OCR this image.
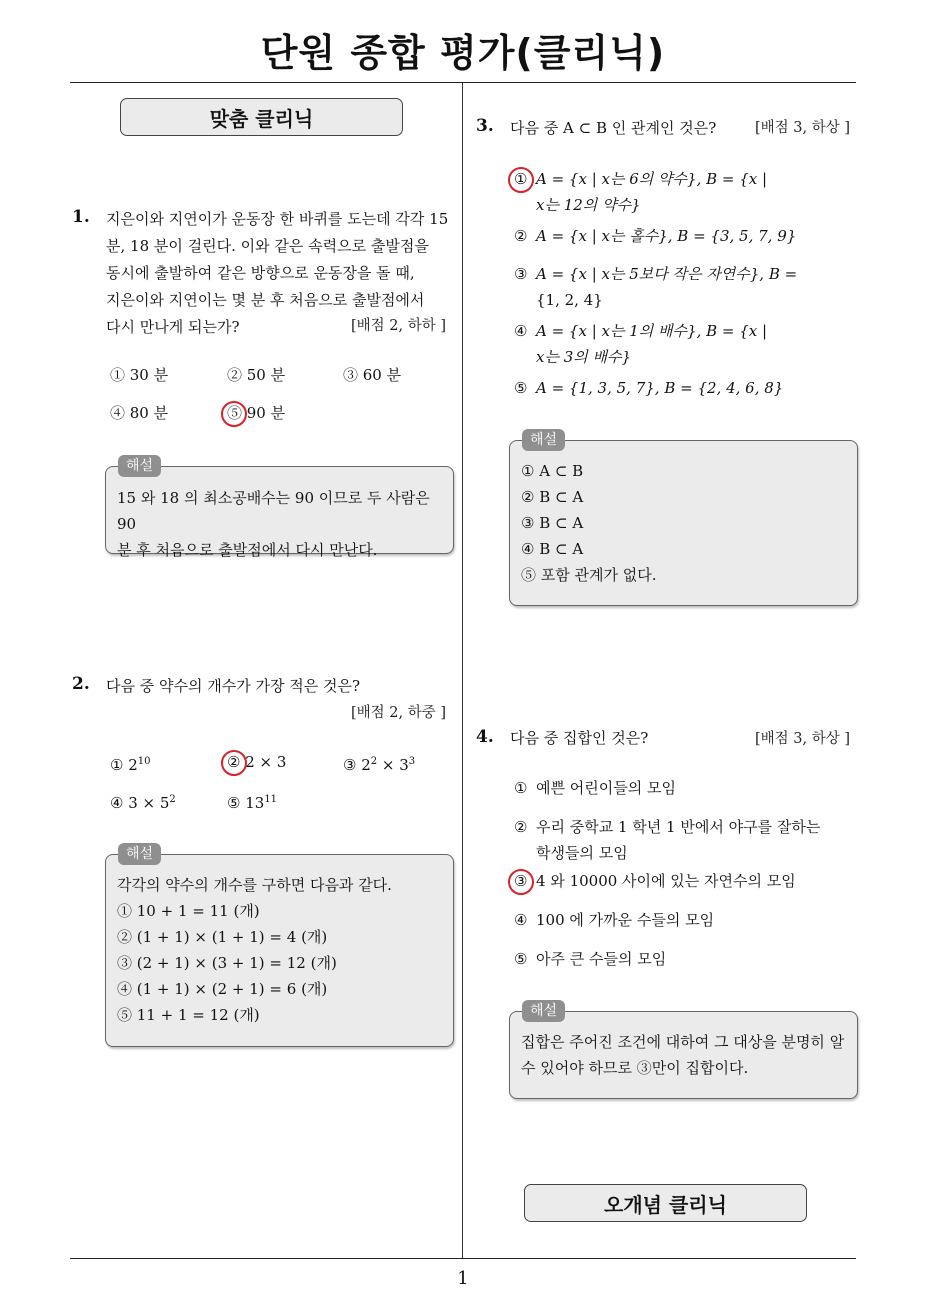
단원 종합 평가(클리닉)
맞춤 클리닉
1. 지은이와 지연이가 운동장 한 바퀴를 도는데 각각 15
분, 18 분이 걸린다. 이와 같은 속력으로 출발점을
동시에 출발하여 같은 방향으로 운동장을 돌 때,
지은이와 지연이는 몇 분 후 처음으로 출발점에서
다시 만나게 되는가?	[배점 2, 하하 ]
① 30 분	② 50 분	③ 60 분
④ 80 분	⑤ 90 분
해설
15 와 18 의 최소공배수는 90 이므로 두 사람은 90
분 후 처음으로 출발점에서 다시 만난다.
2. 다음 중 약수의 개수가 가장 적은 것은?
[배점 2, 하중 ]
① $2^{10}$	② 2 × 3	③ $2^2 \times 3^3$
④ $3 \times 5^2$	⑤ $13^{11}$
해설
각각의 약수의 개수를 구하면 다음과 같다.
① 10 + 1 = 11 (개)
② (1 + 1) × (1 + 1) = 4 (개)
③ (2 + 1) × (3 + 1) = 12 (개)
④ (1 + 1) × (2 + 1) = 6 (개)
⑤ 11 + 1 = 12 (개)
3. 다음 중 A ⊂ B 인 관계인 것은?	[배점 3, 하상 ]
① A = {x | x는 6의 약수}, B = {x |
x는 12의 약수}
② A = {x | x는 홀수}, B = {3, 5, 7, 9}
③ A = {x | x는 5보다 작은 자연수}, B =
{1, 2, 4}
④ A = {x | x는 1의 배수}, B = {x |
x는 3의 배수}
⑤ A = {1, 3, 5, 7}, B = {2, 4, 6, 8}
해설
① A ⊂ B
② B ⊂ A
③ B ⊂ A
④ B ⊂ A
⑤ 포함 관계가 없다.
4. 다음 중 집합인 것은?	[배점 3, 하상 ]
① 예쁜 어린이들의 모임
② 우리 중학교 1 학년 1 반에서 야구를 잘하는
학생들의 모임
③ 4 와 10000 사이에 있는 자연수의 모임
④ 100 에 가까운 수들의 모임
⑤ 아주 큰 수들의 모임
해설
집합은 주어진 조건에 대하여 그 대상을 분명히 알
수 있어야 하므로 ③만이 집합이다.
오개념 클리닉
1
